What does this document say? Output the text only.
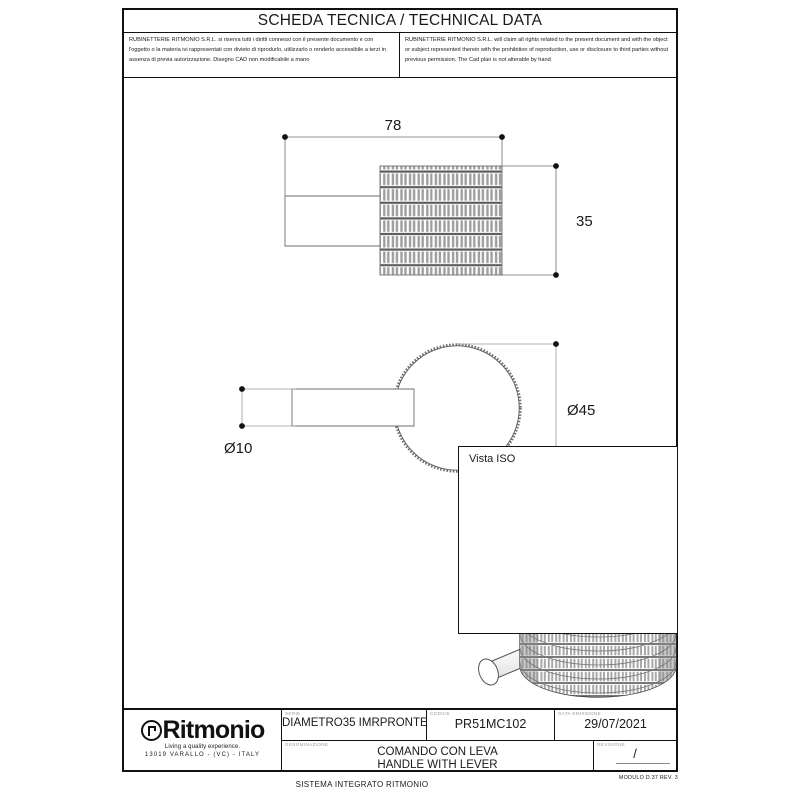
SCHEDA TECNICA / TECHNICAL DATA
RUBINETTERIE RITMONIO S.R.L. si riserva tutti i diritti connessi con il presente documento e con l'oggetto o la materia ivi rappresentati con divieto di riprodurlo, utilizzarlo o renderlo accessibile a terzi in assenza di previa autorizzazione. Disegno CAD non modificabile a mano
RUBINETTERIE RITMONIO S.R.L. will claim all rights related to the present document and with the object or subject represented therein with the prohibition of reproduction, use or disclosure to third parties without previous permission. The Cad plan is not alterable by hand
78
35
Ø10
Ø45
Vista ISO
Ritmonio
Living a quality experience.
13019 VARALLO - (VC) - ITALY
SERIE
DIAMETRO35 IMRPRONTE
CODICE
PR51MC102
DATA EMISSIONE
29/07/2021
DENOMINAZIONE
COMANDO CON LEVA
HANDLE WITH LEVER
REVISIONE
/
SISTEMA INTEGRATO RITMONIO
MODULO D.37 REV. 3
